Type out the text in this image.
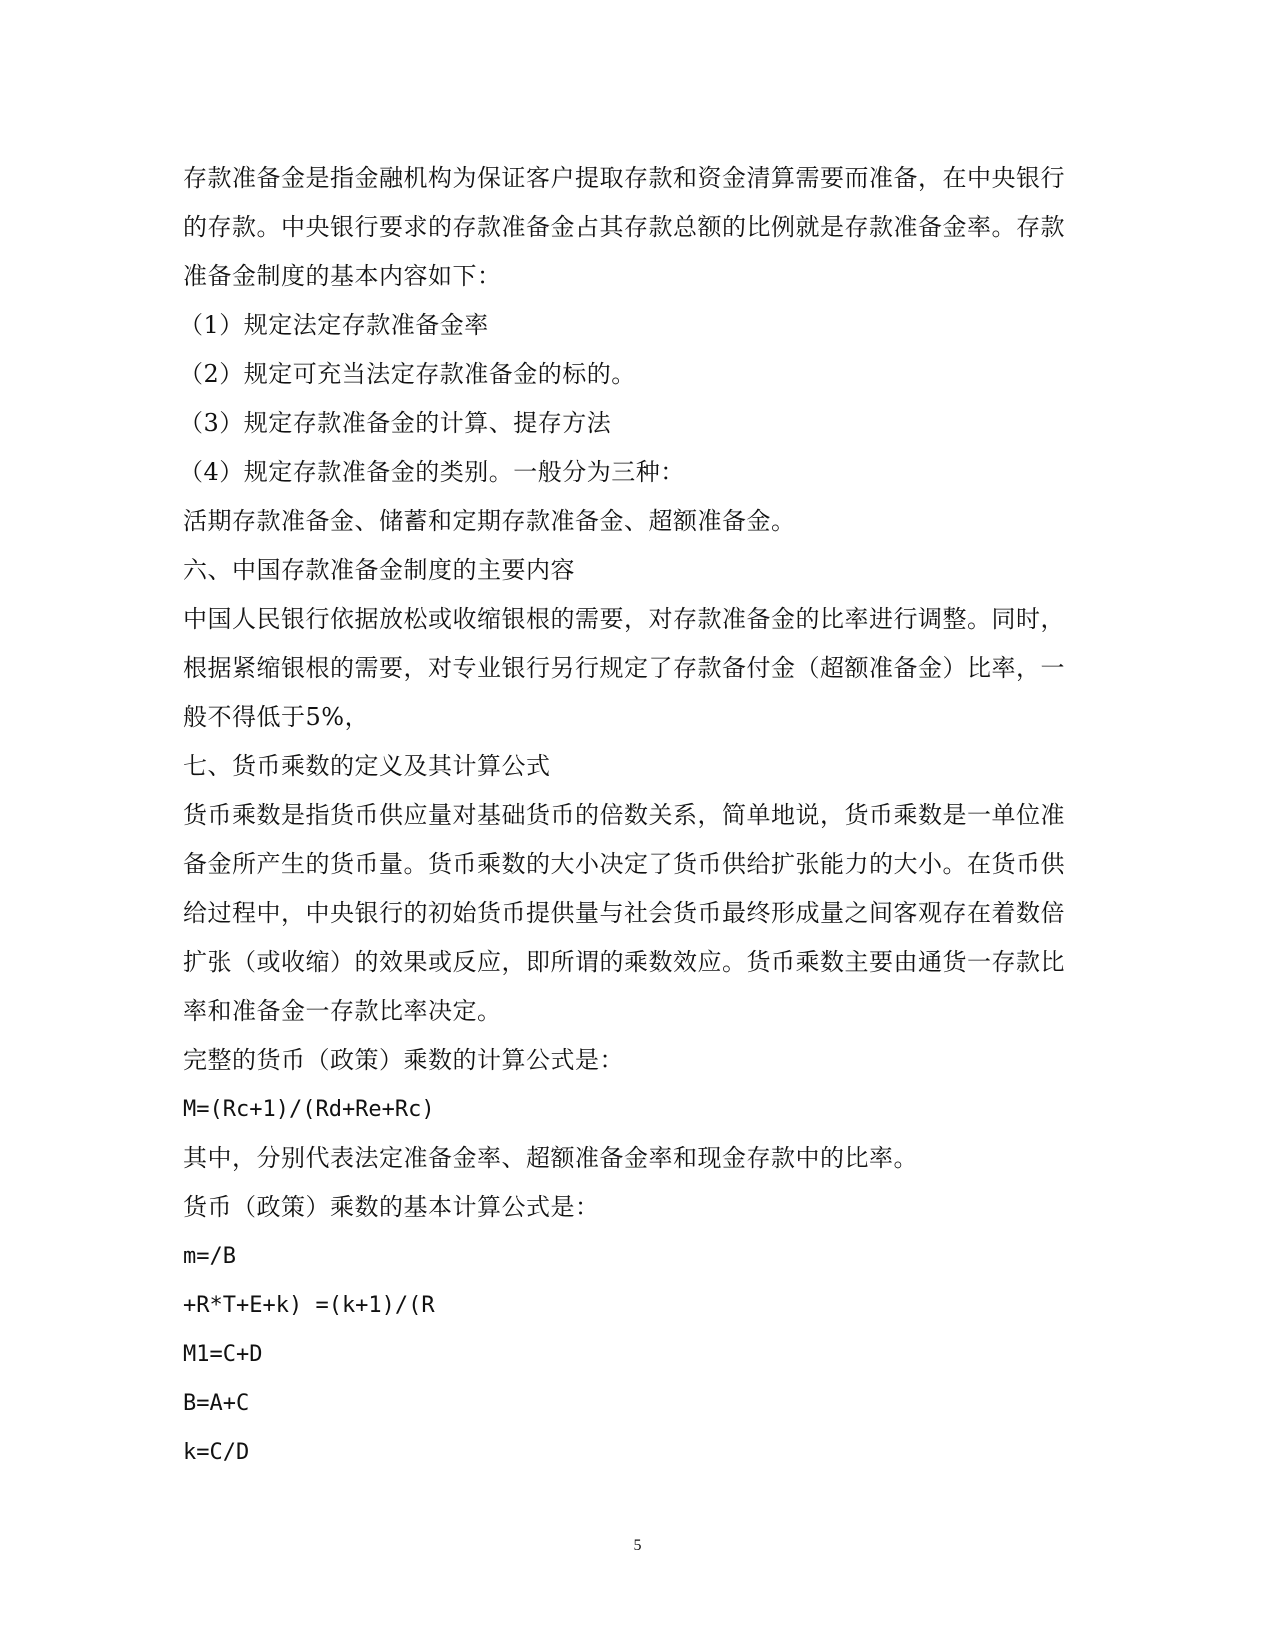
存款准备金是指金融机构为保证客户提取存款和资金清算需要而准备，在中央银行
的存款。中央银行要求的存款准备金占其存款总额的比例就是存款准备金率。存款
准备金制度的基本内容如下：
（1）规定法定存款准备金率
（2）规定可充当法定存款准备金的标的。
（3）规定存款准备金的计算、提存方法
（4）规定存款准备金的类别。一般分为三种：
活期存款准备金、储蓄和定期存款准备金、超额准备金。
六、中国存款准备金制度的主要内容
中国人民银行依据放松或收缩银根的需要，对存款准备金的比率进行调整。同时，
根据紧缩银根的需要，对专业银行另行规定了存款备付金（超额准备金）比率，一
般不得低于5%，
七、货币乘数的定义及其计算公式
货币乘数是指货币供应量对基础货币的倍数关系，简单地说，货币乘数是一单位准
备金所产生的货币量。货币乘数的大小决定了货币供给扩张能力的大小。在货币供
给过程中，中央银行的初始货币提供量与社会货币最终形成量之间客观存在着数倍
扩张（或收缩）的效果或反应，即所谓的乘数效应。货币乘数主要由通货一存款比
率和准备金一存款比率决定。
完整的货币（政策）乘数的计算公式是：
M=(Rc+1)/(Rd+Re+Rc)
其中，分别代表法定准备金率、超额准备金率和现金存款中的比率。
货币（政策）乘数的基本计算公式是：
m=/B
+R*T+E+k) =(k+1)/(R
M1=C+D
B=A+C
k=C/D
5
